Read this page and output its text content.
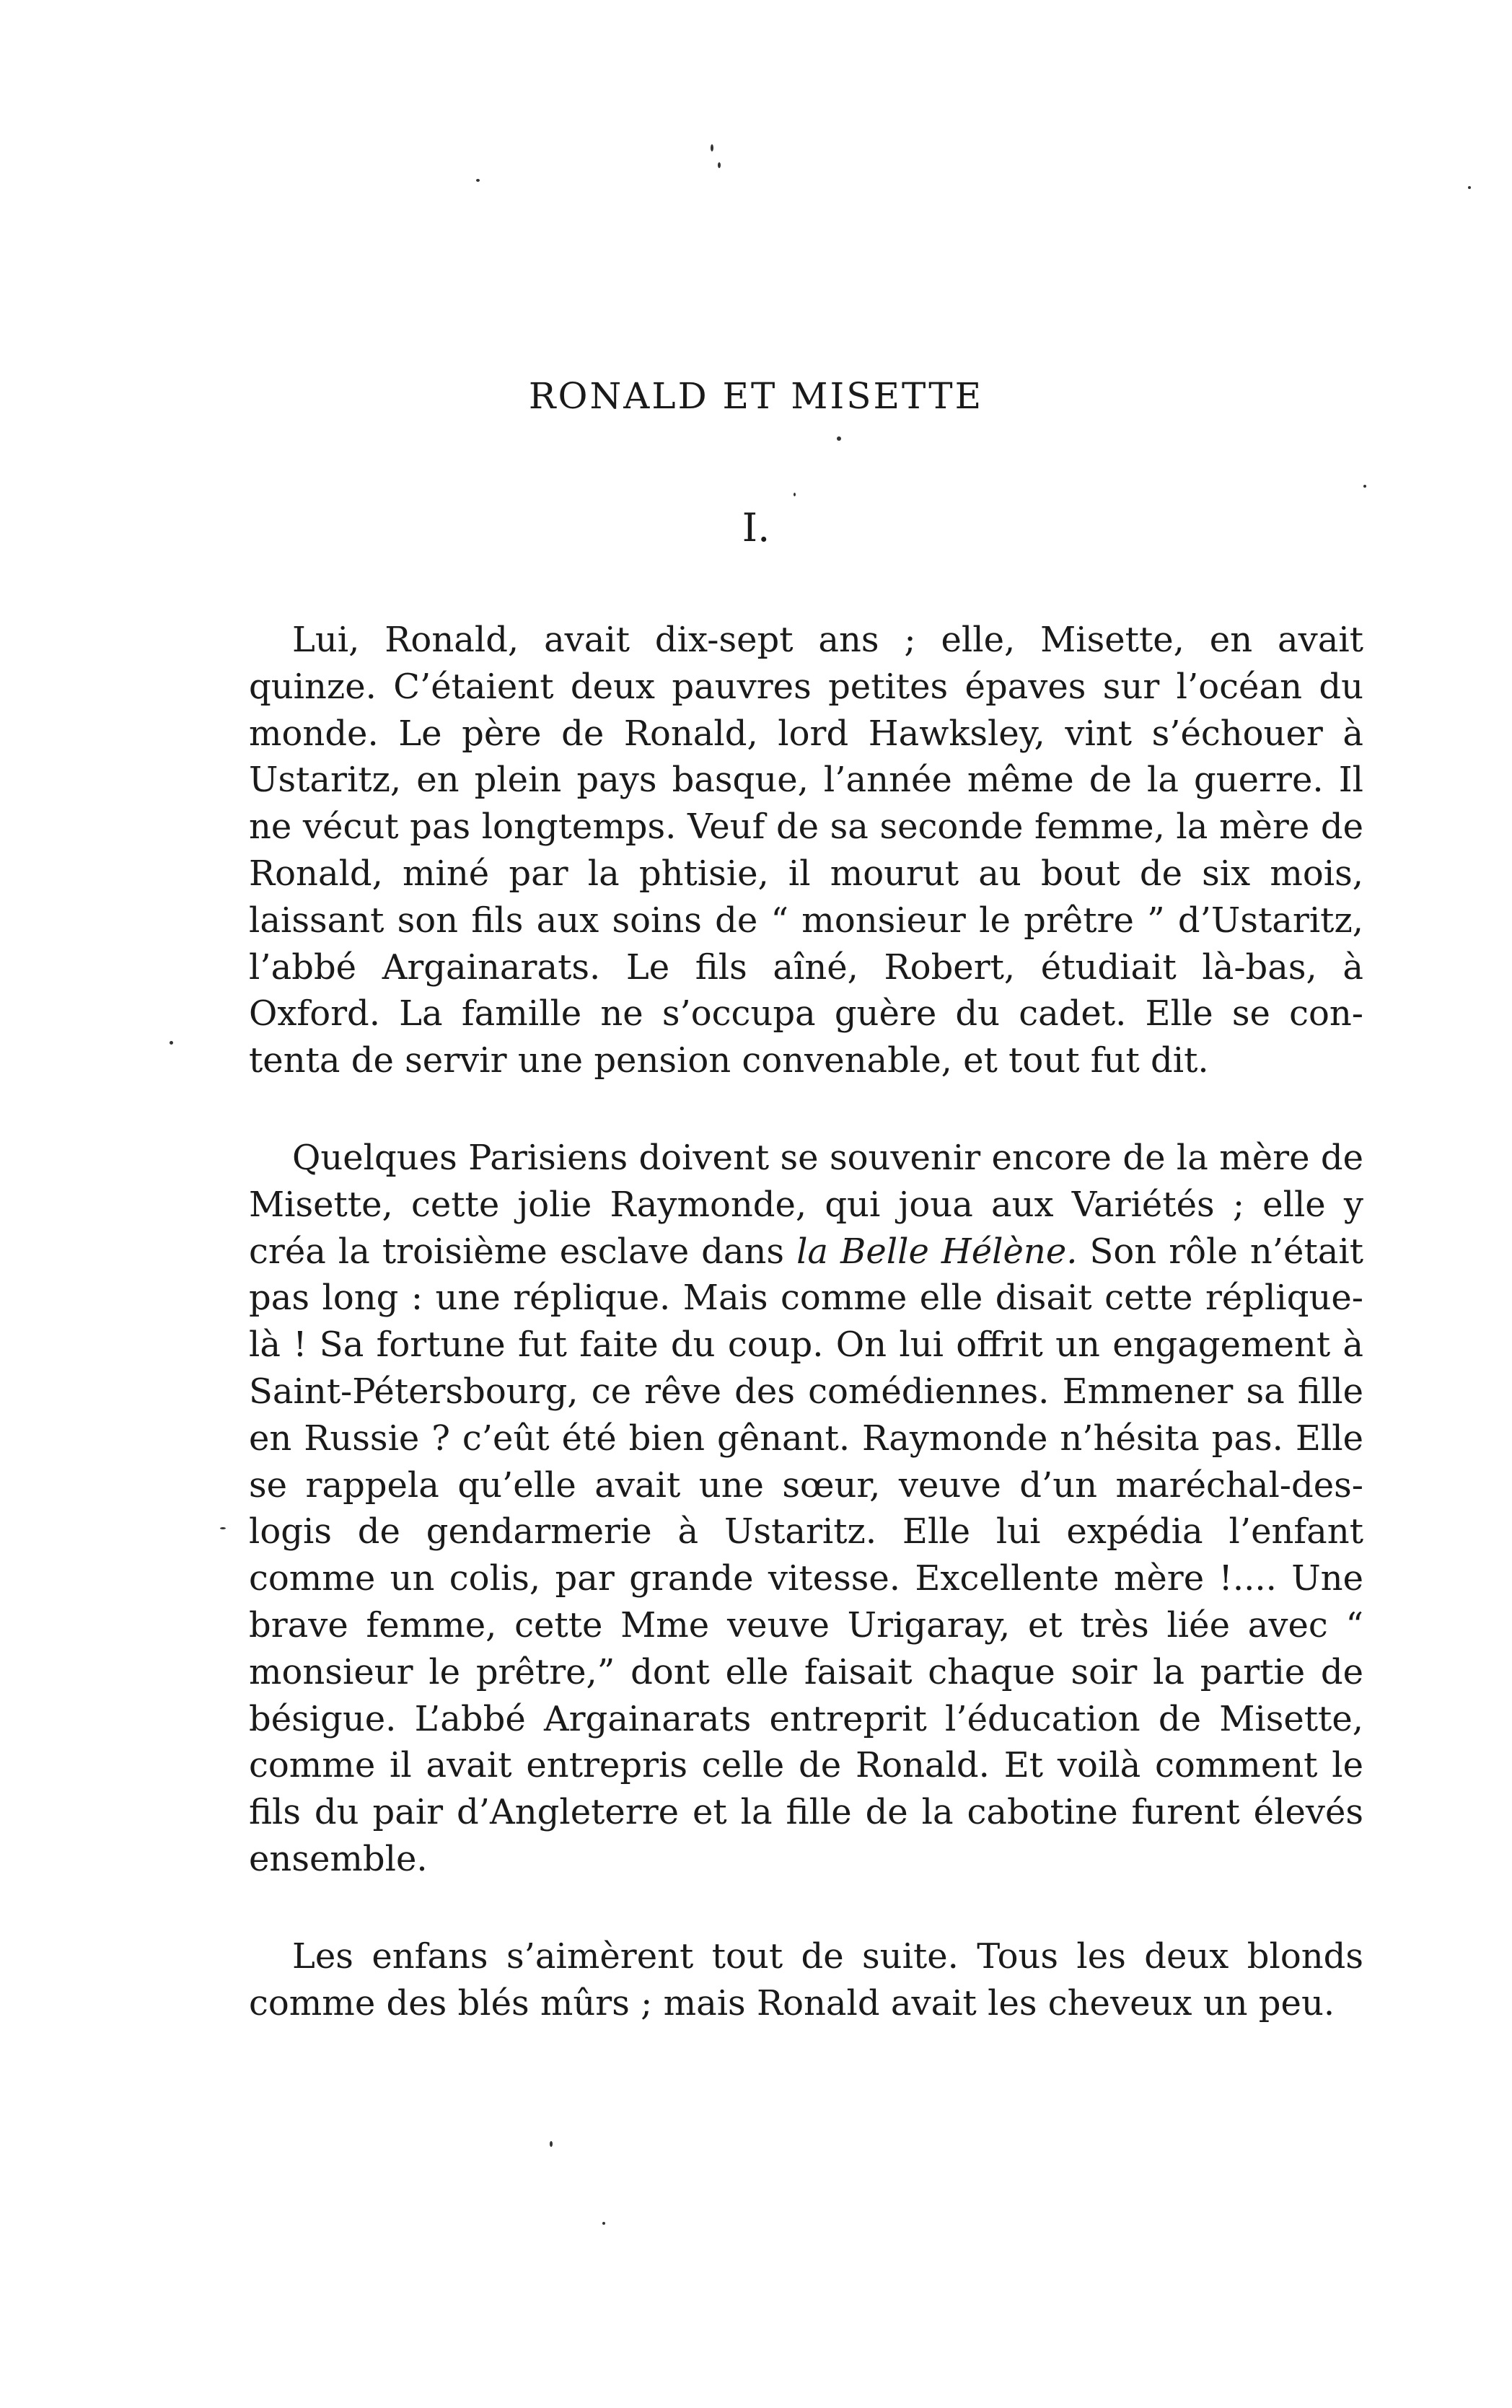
RONALD ET MISETTE
I.

Lui, Ronald, avait dix-sept ans ; elle, Misette, en avait quinze. C’étaient deux pauvres petites épaves sur l’océan du monde. Le père de Ronald, lord Hawksley, vint s’échouer à Ustaritz, en plein pays basque, l’année même de la guerre. Il ne vécut pas longtemps. Veuf de sa seconde femme, la mère de Ronald, miné par la phtisie, il mourut au bout de six mois, laissant son fils aux soins de “ monsieur le prêtre ” d’Ustaritz, l’abbé Argainarats. Le fils aîné, Robert, étudiait là-bas, à Oxford. La famille ne s’occupa guère du cadet. Elle se contenta de servir une pension convenable, et tout fut dit.

Quelques Parisiens doivent se souvenir encore de la mère de Misette, cette jolie Raymonde, qui joua aux Variétés ; elle y créa la troisième esclave dans la Belle Hélène. Son rôle n’était pas long : une réplique. Mais comme elle disait cette réplique-là ! Sa fortune fut faite du coup. On lui offrit un engagement à Saint-Pétersbourg, ce rêve des comédiennes. Emmener sa fille en Russie ? c’eût été bien gênant. Raymonde n’hésita pas. Elle se rappela qu’elle avait une sœur, veuve d’un maréchal-des-logis de gendarmerie à Ustaritz. Elle lui expédia l’enfant comme un colis, par grande vitesse. Excellente mère !.... Une brave femme, cette Mme veuve Urigaray, et très liée avec “ monsieur le prêtre,” dont elle faisait chaque soir la partie de bésigue. L’abbé Argainarats entreprit l’éducation de Misette, comme il avait entrepris celle de Ronald. Et voilà comment le fils du pair d’Angleterre et la fille de la cabotine furent élevés ensemble.

Les enfans s’aimèrent tout de suite. Tous les deux blonds comme des blés mûrs ; mais Ronald avait les cheveux un peu.
